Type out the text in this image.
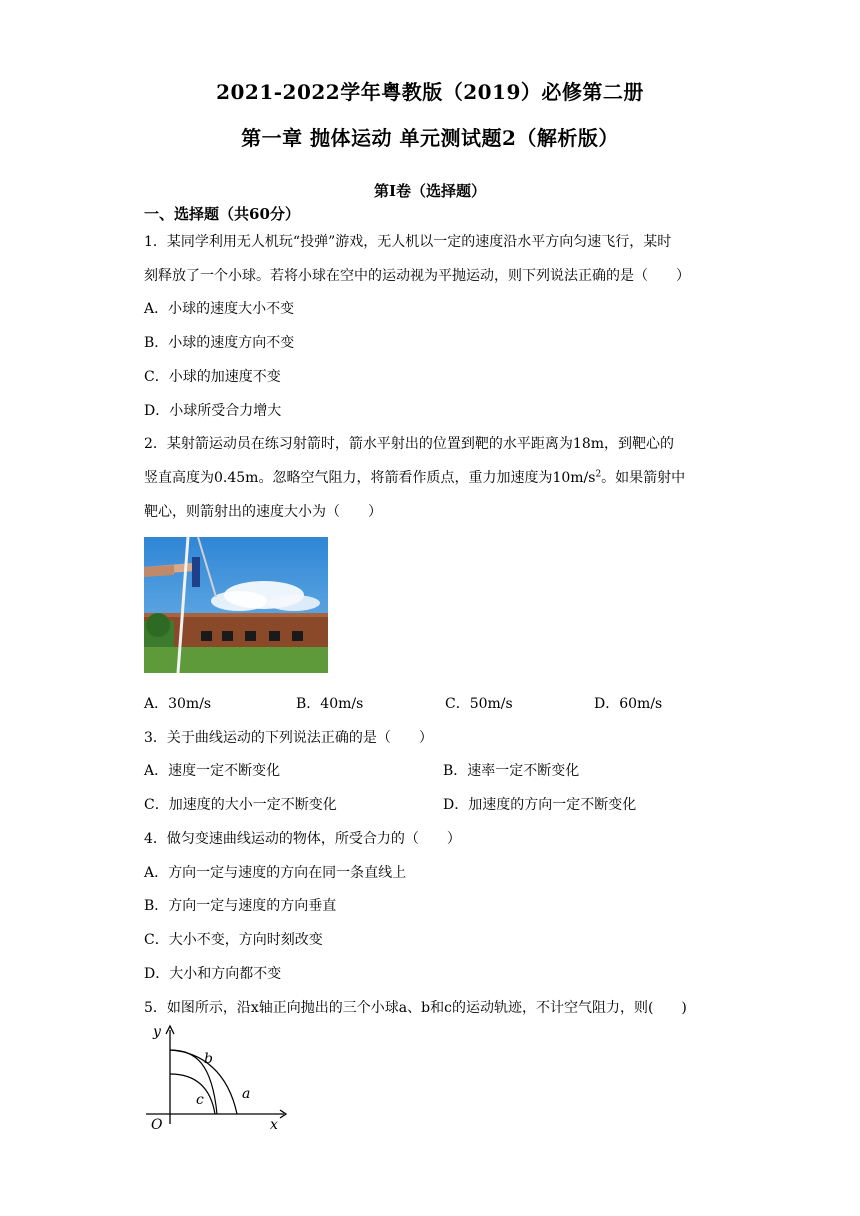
2021-2022学年粤教版（2019）必修第二册
第一章 抛体运动 单元测试题2（解析版）
第Ⅰ卷（选择题）
一、选择题（共60分）
1．某同学利用无人机玩“投弹”游戏，无人机以一定的速度沿水平方向匀速飞行，某时
刻释放了一个小球。若将小球在空中的运动视为平抛运动，则下列说法正确的是（　　）
A．小球的速度大小不变
B．小球的速度方向不变
C．小球的加速度不变
D．小球所受合力增大
2．某射箭运动员在练习射箭时，箭水平射出的位置到靶的水平距离为18m，到靶心的
竖直高度为0.45m。忽略空气阻力，将箭看作质点，重力加速度为$10m/s^2$。如果箭射中
靶心，则箭射出的速度大小为（　　）
A．30m/s	B．40m/s	C．50m/s	D．60m/s
3．关于曲线运动的下列说法正确的是（　　）
A．速度一定不断变化	B．速率一定不断变化
C．加速度的大小一定不断变化	D．加速度的方向一定不断变化
4．做匀变速曲线运动的物体，所受合力的（　　）
A．方向一定与速度的方向在同一条直线上
B．方向一定与速度的方向垂直
C．大小不变，方向时刻改变
D．大小和方向都不变
5．如图所示，沿x轴正向抛出的三个小球a、b和c的运动轨迹，不计空气阻力，则(　　)
y
x
O
b
a
c
